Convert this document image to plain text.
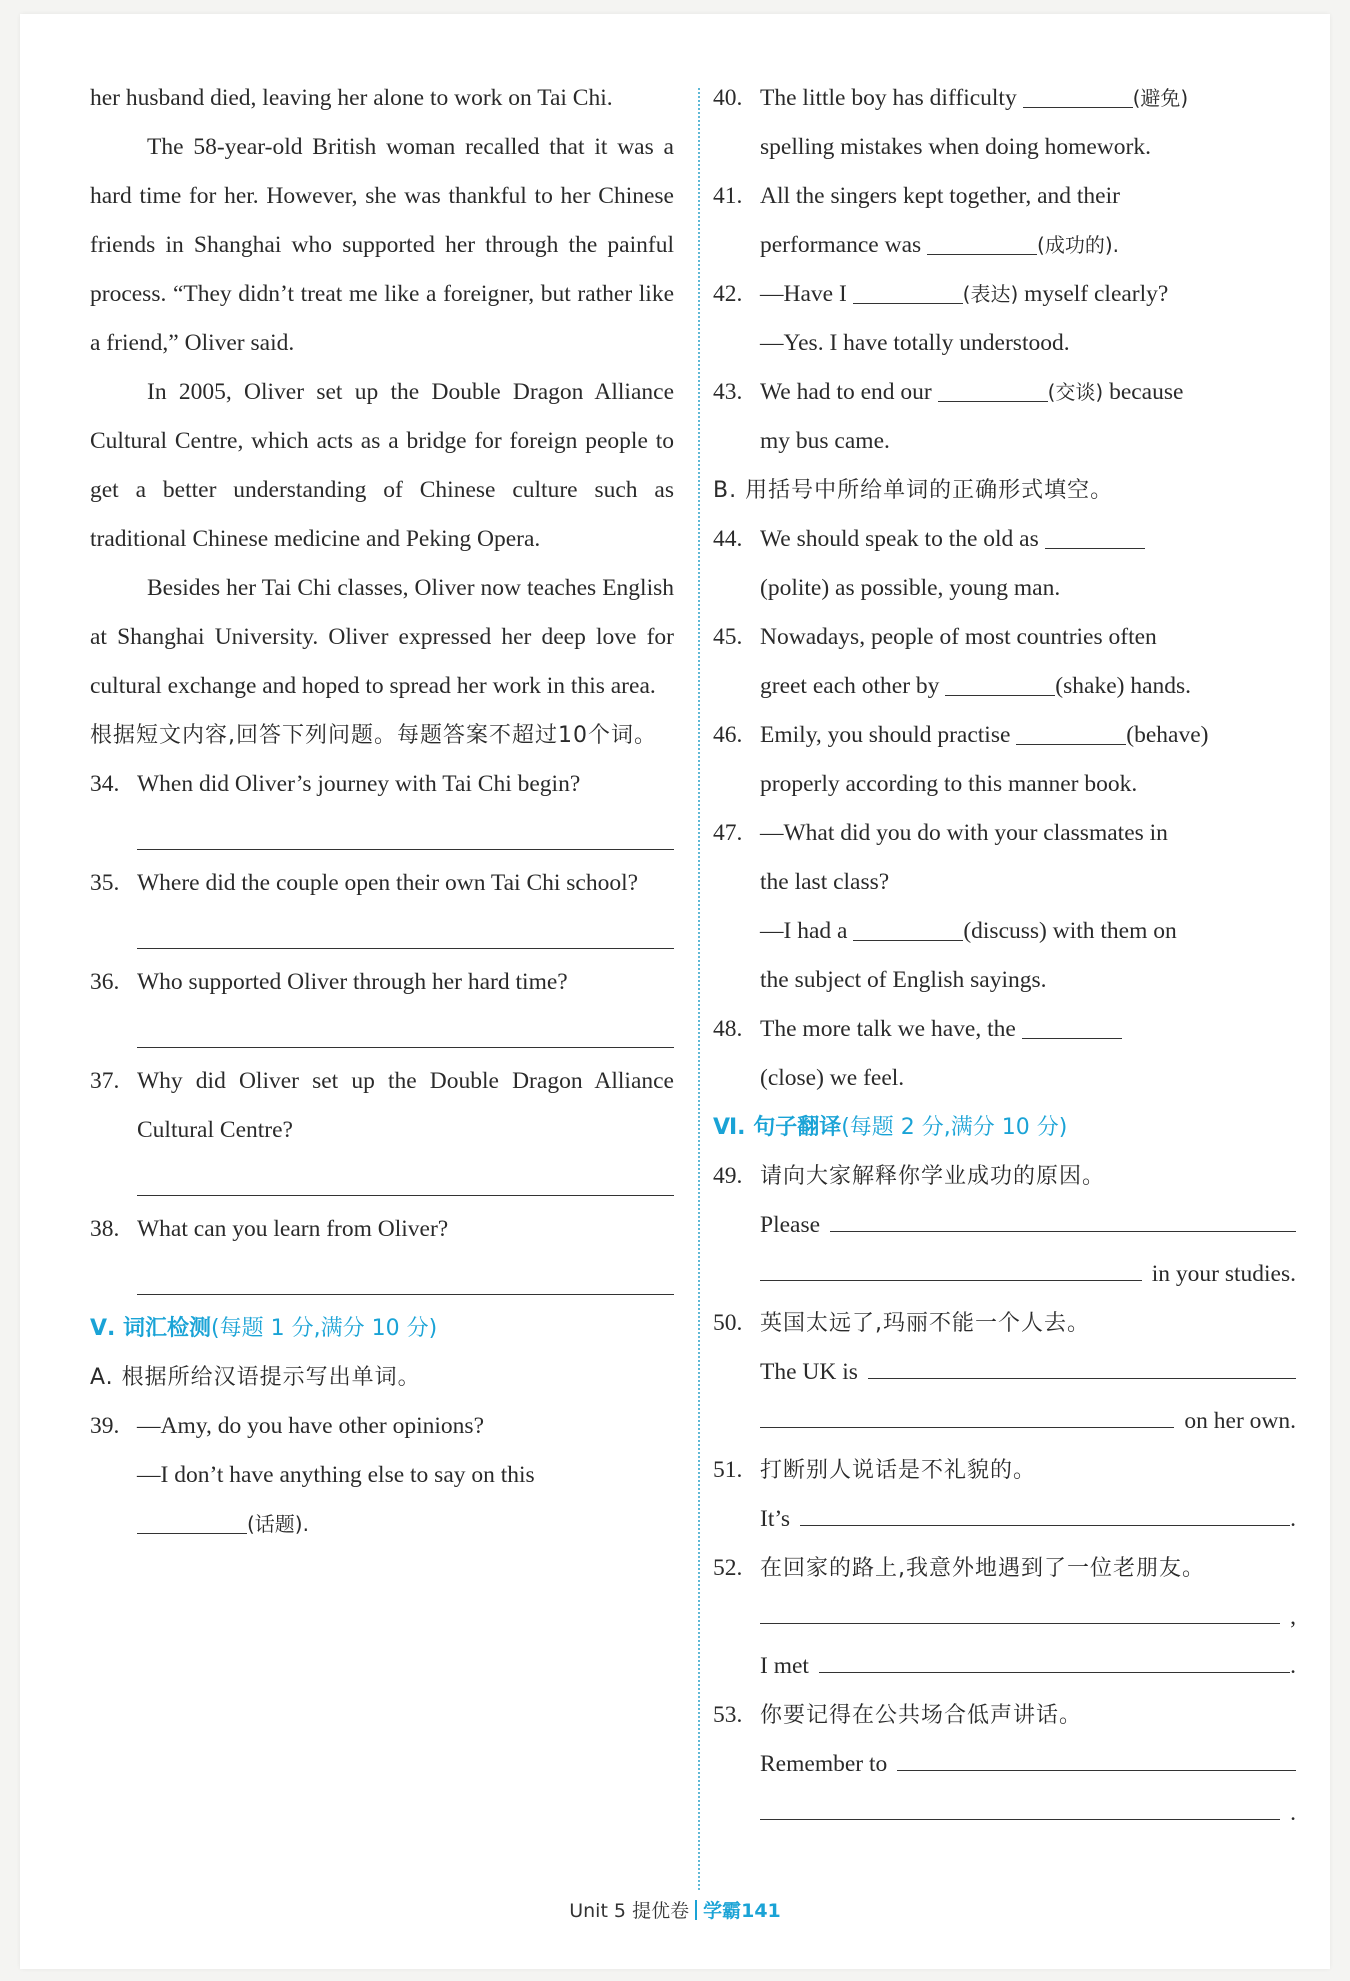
her husband died, leaving her alone to work on Tai Chi.

The 58-year-old British woman recalled that it was a hard time for her. However, she was thankful to her Chinese friends in Shanghai who supported her through the painful process. “They didn’t treat me like a foreigner, but rather like a friend,” Oliver said.

In 2005, Oliver set up the Double Dragon Alliance Cultural Centre, which acts as a bridge for foreign people to get a better understanding of Chinese culture such as traditional Chinese medicine and Peking Opera.

Besides her Tai Chi classes, Oliver now teaches English at Shanghai University. Oliver expressed her deep love for cultural exchange and hoped to spread her work in this area.

根据短文内容,回答下列问题。每题答案不超过10个词。

34. When did Oliver’s journey with Tai Chi begin?
35. Where did the couple open their own Tai Chi school?
36. Who supported Oliver through her hard time?
37. Why did Oliver set up the Double Dragon Alliance Cultural Centre?
38. What can you learn from Oliver?

Ⅴ. 词汇检测(每题 1 分,满分 10 分)

A. 根据所给汉语提示写出单词。

39. —Amy, do you have other opinions?

—I don’t have anything else to say on this

(话题).

40. The little boy has difficulty	(避免)

spelling mistakes when doing homework.

41. All the singers kept together, and their

performance was	(成功的).

42. —Have I	(表达) myself clearly?

—Yes. I have totally understood.

43. We had to end our	(交谈) because

my bus came.

B. 用括号中所给单词的正确形式填空。

44. We should speak to the old as

(polite) as possible, young man.

45. Nowadays, people of most countries often

greet each other by	(shake) hands.

46. Emily, you should practise	(behave)

properly according to this manner book.

47. —What did you do with your classmates in

the last class?

—I had a	(discuss) with them on

the subject of English sayings.

48. The more talk we have, the

(close) we feel.

Ⅵ. 句子翻译(每题 2 分,满分 10 分)

49. 请向大家解释你学业成功的原因。
Please
in your studies.
50. 英国太远了,玛丽不能一个人去。
The UK is
on her own.
51. 打断别人说话是不礼貌的。
It’s	.
52. 在回家的路上,我意外地遇到了一位老朋友。
,
I met	.
53. 你要记得在公共场合低声讲话。
Remember to
.
Unit 5 提优卷 学霸141
